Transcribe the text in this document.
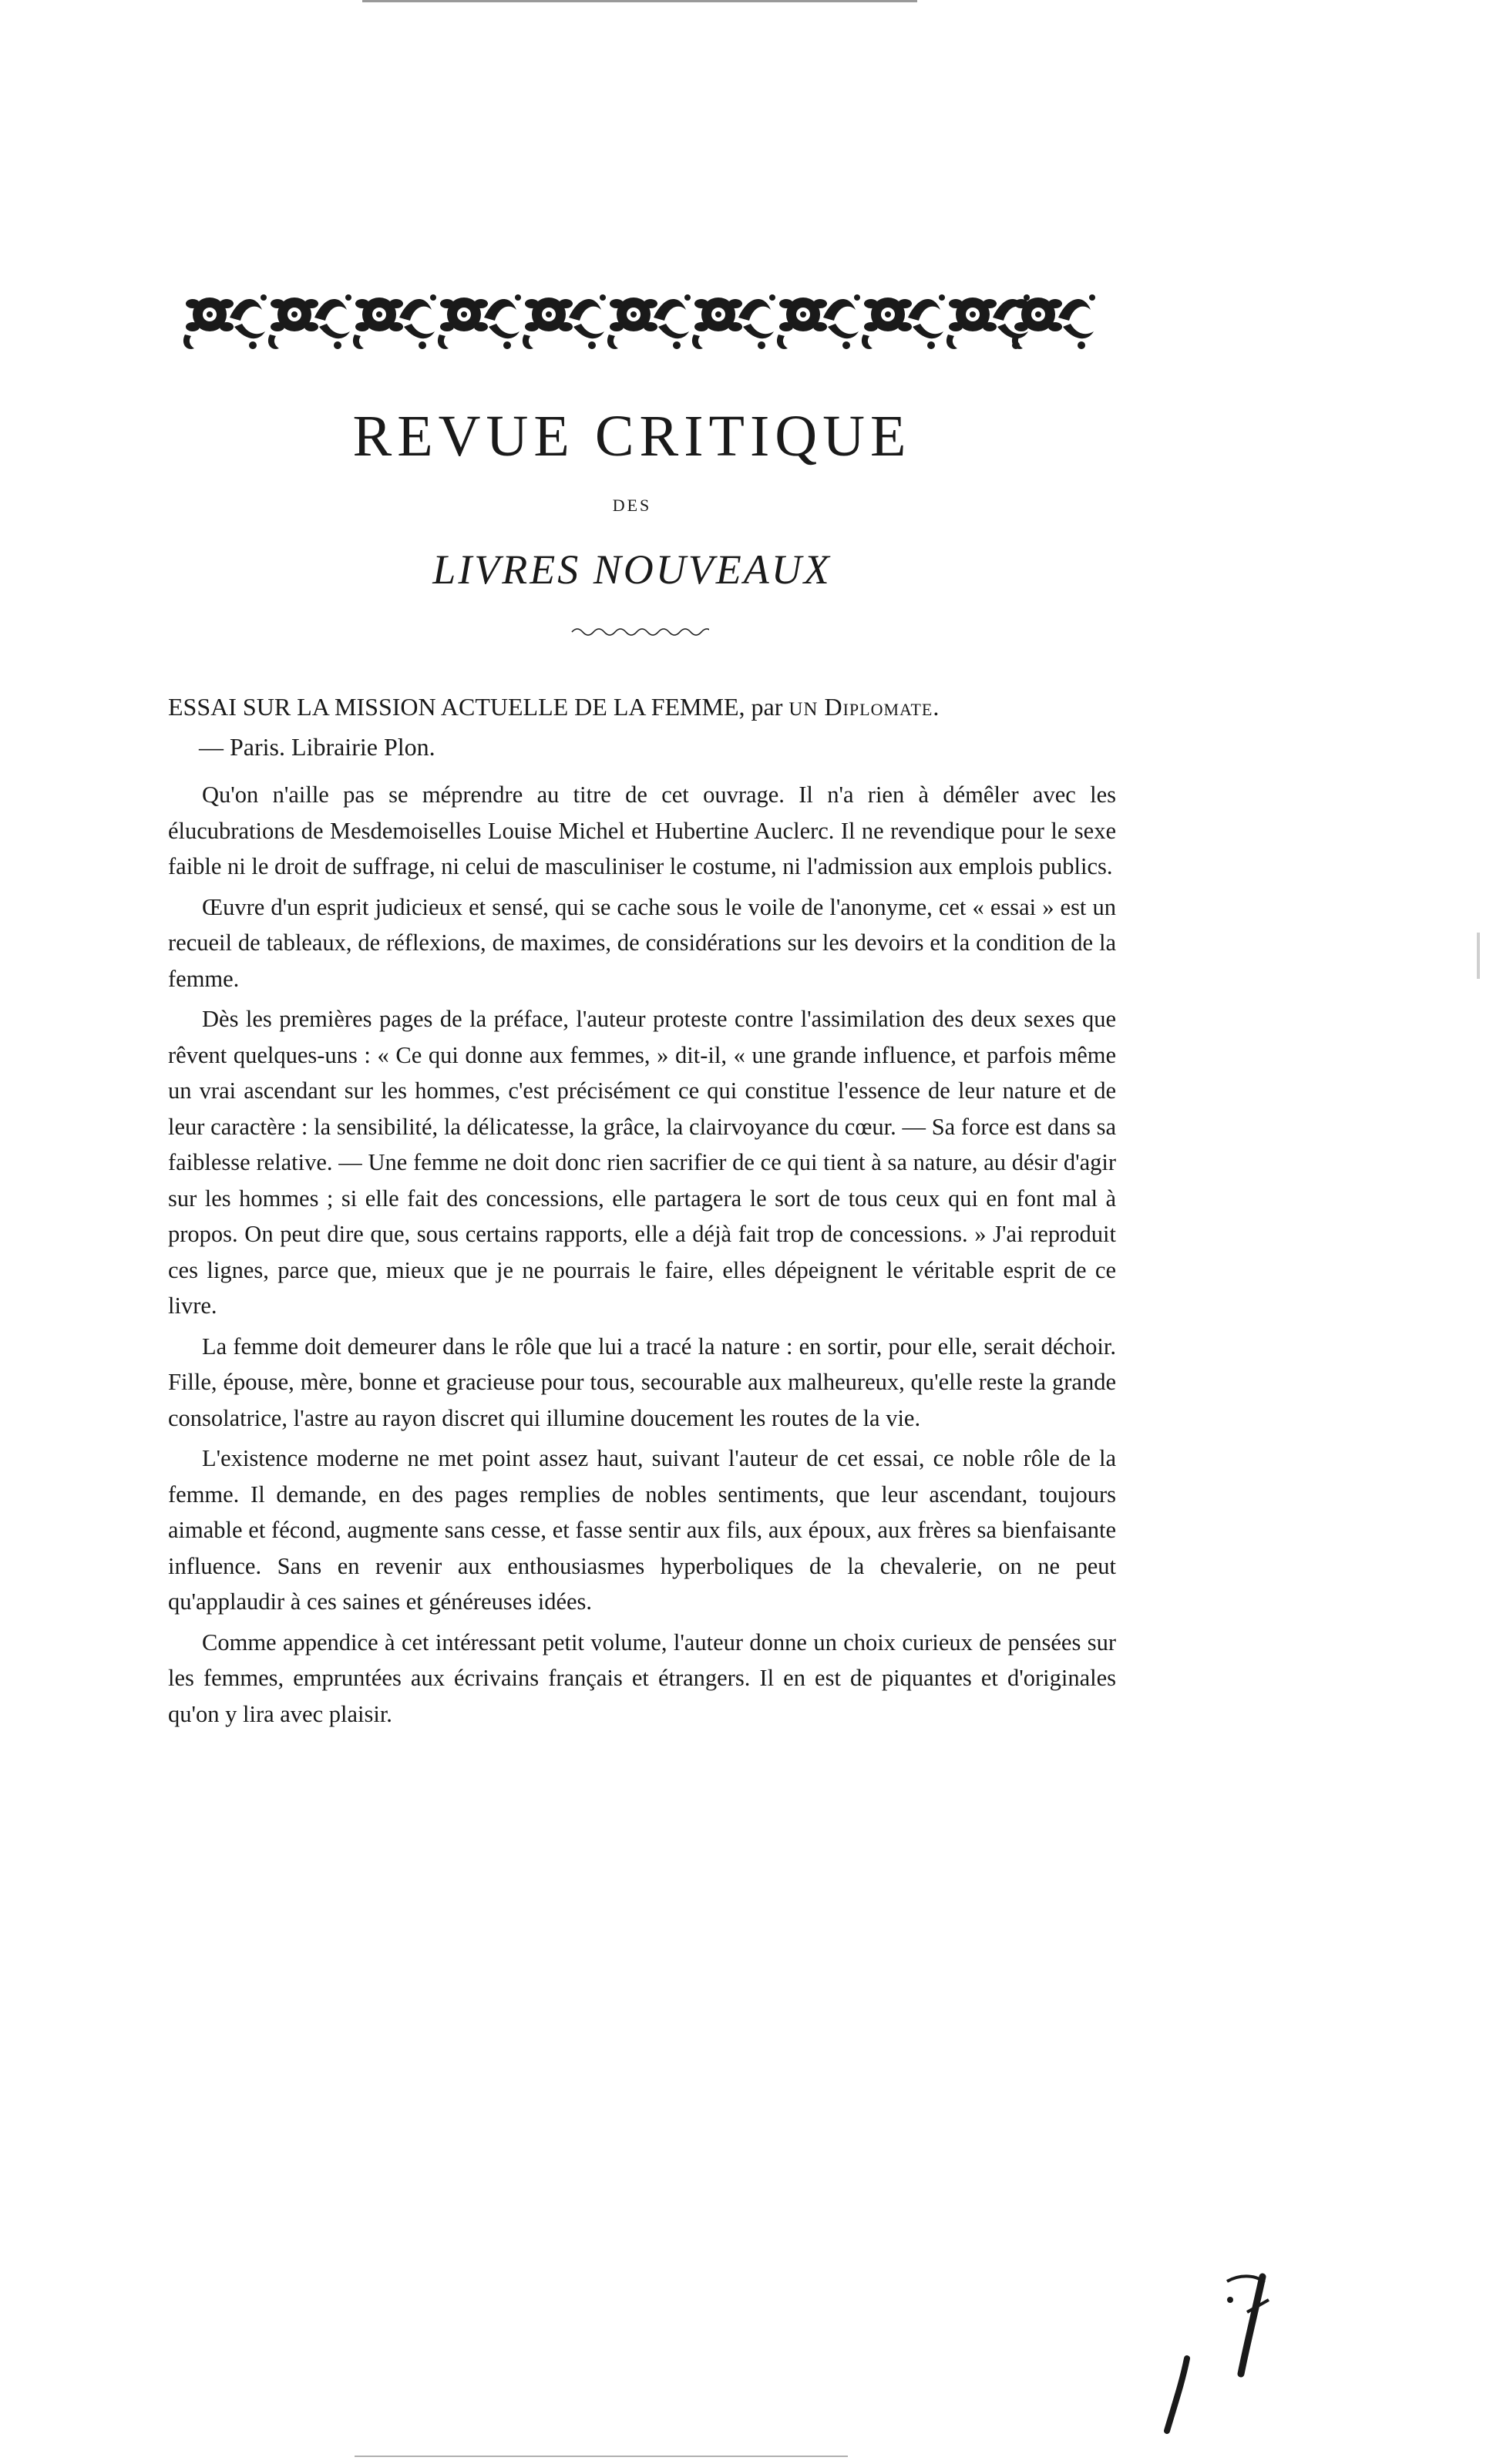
REVUE CRITIQUE
DES
LIVRES NOUVEAUX
ESSAI SUR LA MISSION ACTUELLE DE LA FEMME, par UN Diplomate.
— Paris. Librairie Plon.

Qu'on n'aille pas se méprendre au titre de cet ouvrage. Il n'a rien à démêler avec les élucubrations de Mesdemoiselles Louise Michel et Hubertine Auclerc. Il ne revendique pour le sexe faible ni le droit de suffrage, ni celui de masculiniser le costume, ni l'admission aux emplois publics.

Œuvre d'un esprit judicieux et sensé, qui se cache sous le voile de l'anonyme, cet « essai » est un recueil de tableaux, de réflexions, de maximes, de considérations sur les devoirs et la condition de la femme.

Dès les premières pages de la préface, l'auteur proteste contre l'assimilation des deux sexes que rêvent quelques-uns : « Ce qui donne aux femmes, » dit-il, « une grande influence, et parfois même un vrai ascendant sur les hommes, c'est précisément ce qui constitue l'essence de leur nature et de leur caractère : la sensibilité, la délicatesse, la grâce, la clairvoyance du cœur. — Sa force est dans sa faiblesse relative. — Une femme ne doit donc rien sacrifier de ce qui tient à sa nature, au désir d'agir sur les hommes ; si elle fait des concessions, elle partagera le sort de tous ceux qui en font mal à propos. On peut dire que, sous certains rapports, elle a déjà fait trop de concessions. » J'ai reproduit ces lignes, parce que, mieux que je ne pourrais le faire, elles dépeignent le véritable esprit de ce livre.

La femme doit demeurer dans le rôle que lui a tracé la nature : en sortir, pour elle, serait déchoir. Fille, épouse, mère, bonne et gracieuse pour tous, secourable aux malheureux, qu'elle reste la grande consolatrice, l'astre au rayon discret qui illumine doucement les routes de la vie.

L'existence moderne ne met point assez haut, suivant l'auteur de cet essai, ce noble rôle de la femme. Il demande, en des pages remplies de nobles sentiments, que leur ascendant, toujours aimable et fécond, augmente sans cesse, et fasse sentir aux fils, aux époux, aux frères sa bienfaisante influence. Sans en revenir aux enthousiasmes hyperboliques de la chevalerie, on ne peut qu'applaudir à ces saines et généreuses idées.

Comme appendice à cet intéressant petit volume, l'auteur donne un choix curieux de pensées sur les femmes, empruntées aux écrivains français et étrangers. Il en est de piquantes et d'originales qu'on y lira avec plaisir.
